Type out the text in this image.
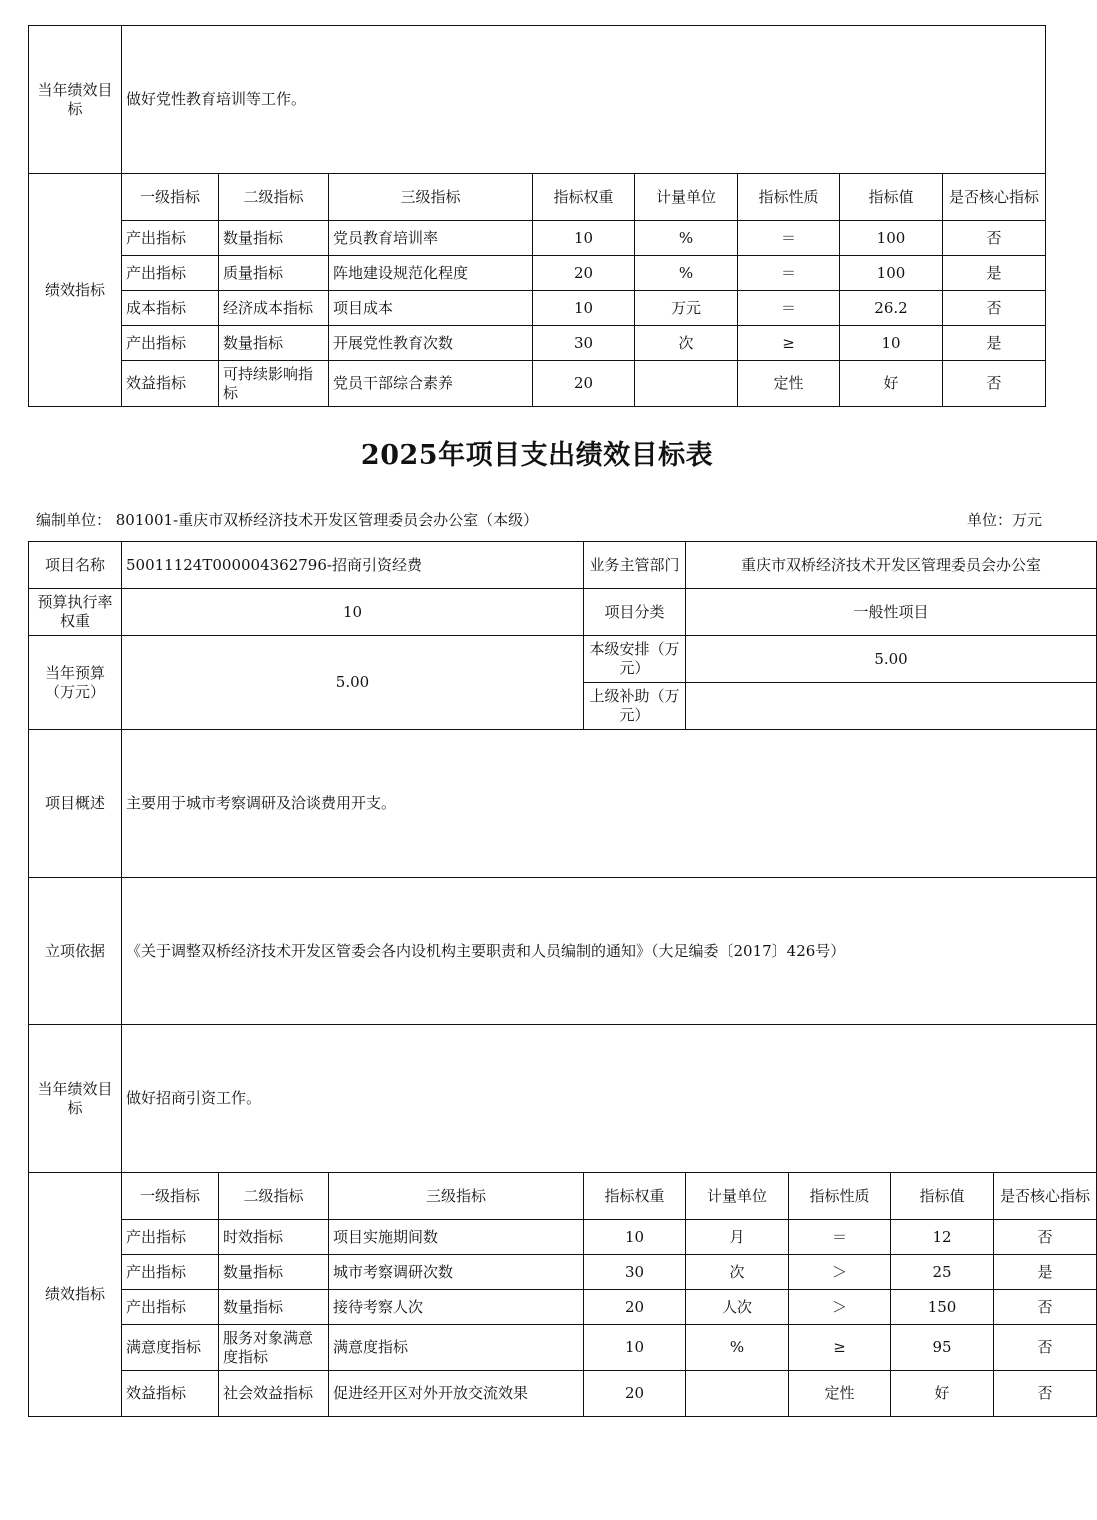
当年绩效目标	做好党性教育培训等工作。							
绩效指标	一级指标	二级指标	三级指标	指标权重	计量单位	指标性质	指标值	是否核心指标
	产出指标	数量指标	党员教育培训率	10	%	＝	100	否
	产出指标	质量指标	阵地建设规范化程度	20	%	＝	100	是
	成本指标	经济成本指标	项目成本	10	万元	＝	26.2	否
	产出指标	数量指标	开展党性教育次数	30	次	≥	10	是
	效益指标	可持续影响指标	党员干部综合素养	20		定性	好	否
2025年项目支出绩效目标表
编制单位： 801001-重庆市双桥经济技术开发区管理委员会办公室（本级）	单位：万元
项目名称	50011124T000004362796-招商引资经费			业务主管部门	重庆市双桥经济技术开发区管理委员会办公室			
预算执行率权重	10			项目分类	一般性项目			
当年预算（万元）	5.00			本级安排（万元）	5.00			
				上级补助（万元）				
项目概述	主要用于城市考察调研及洽谈费用开支。							
立项依据	《关于调整双桥经济技术开发区管委会各内设机构主要职责和人员编制的通知》（大足编委〔2017〕426号）							
当年绩效目标	做好招商引资工作。							
绩效指标	一级指标	二级指标	三级指标	指标权重	计量单位	指标性质	指标值	是否核心指标
	产出指标	时效指标	项目实施期间数	10	月	＝	12	否
	产出指标	数量指标	城市考察调研次数	30	次	＞	25	是
	产出指标	数量指标	接待考察人次	20	人次	＞	150	否
	满意度指标	服务对象满意度指标	满意度指标	10	%	≥	95	否
	效益指标	社会效益指标	促进经开区对外开放交流效果	20		定性	好	否
